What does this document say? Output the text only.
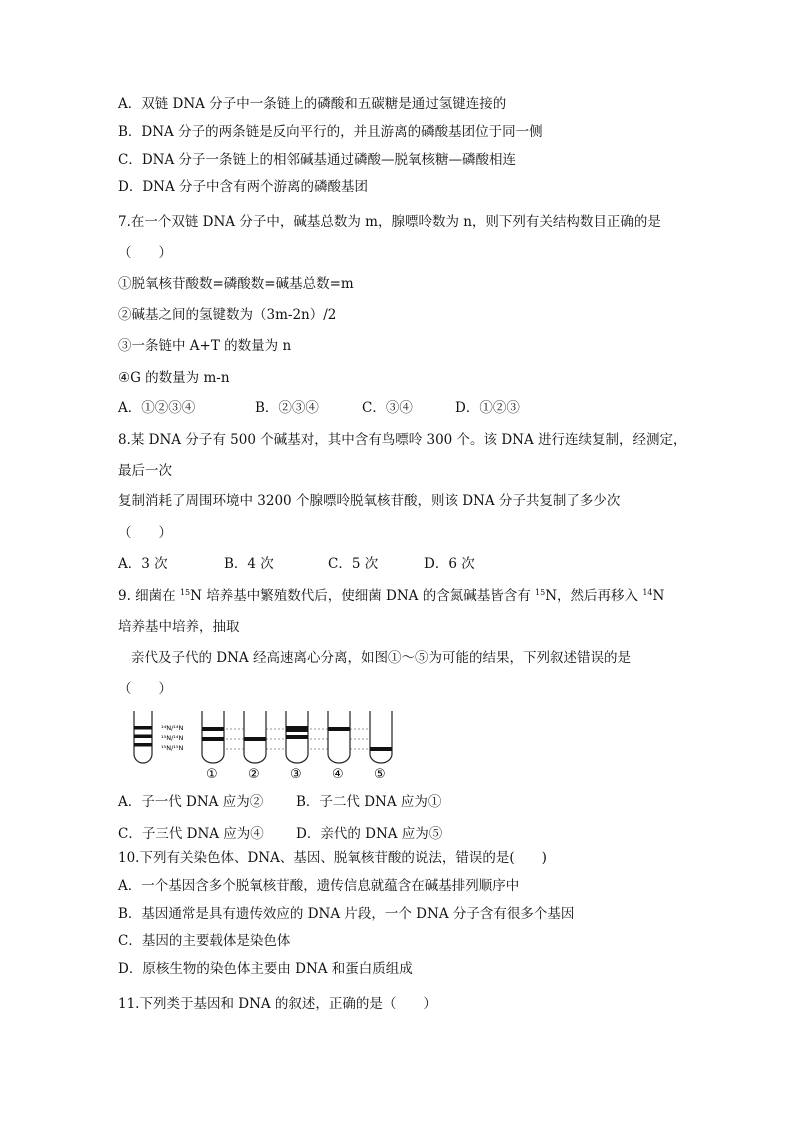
A．双链 DNA 分子中一条链上的磷酸和五碳糖是通过氢键连接的
B．DNA 分子的两条链是反向平行的，并且游离的磷酸基团位于同一侧
C．DNA 分子一条链上的相邻碱基通过磷酸—脱氧核糖—磷酸相连
D．DNA 分子中含有两个游离的磷酸基团
7.在一个双链 DNA 分子中，碱基总数为 m，腺嘌呤数为 n，则下列有关结构数目正确的是
（　　）
①脱氧核苷酸数=磷酸数=碱基总数=m
②碱基之间的氢键数为（3m-2n）/2
③一条链中 A+T 的数量为 n
④G 的数量为 m-n
A．①②③④	B．②③④	C．③④	D．①②③
8.某 DNA 分子有 500 个碱基对，其中含有鸟嘌呤 300 个。该 DNA 进行连续复制，经测定，
最后一次
复制消耗了周围环境中 3200 个腺嘌呤脱氧核苷酸，则该 DNA 分子共复制了多少次
（　　）
A．3 次	B．4 次	C．5 次	D．6 次
9. 细菌在 $^{15}$N 培养基中繁殖数代后，使细菌 DNA 的含氮碱基皆含有 $^{15}$N，然后再移入 $^{14}$N
培养基中培养，抽取
亲代及子代的 DNA 经高速离心分离，如图①～⑤为可能的结果，下列叙述错误的是
（　　）
¹⁴N/¹⁴N
¹⁵N/¹⁴N
¹⁵N/¹⁵N
① ② ③ ④ ⑤
A．子一代 DNA 应为② B．子二代 DNA 应为①
C．子三代 DNA 应为④ D．亲代的 DNA 应为⑤
10.下列有关染色体、DNA、基因、脱氧核苷酸的说法，错误的是(　　)
A．一个基因含多个脱氧核苷酸，遗传信息就蕴含在碱基排列顺序中
B．基因通常是具有遗传效应的 DNA 片段，一个 DNA 分子含有很多个基因
C．基因的主要载体是染色体
D．原核生物的染色体主要由 DNA 和蛋白质组成
11.下列类于基因和 DNA 的叙述，正确的是（　　）
